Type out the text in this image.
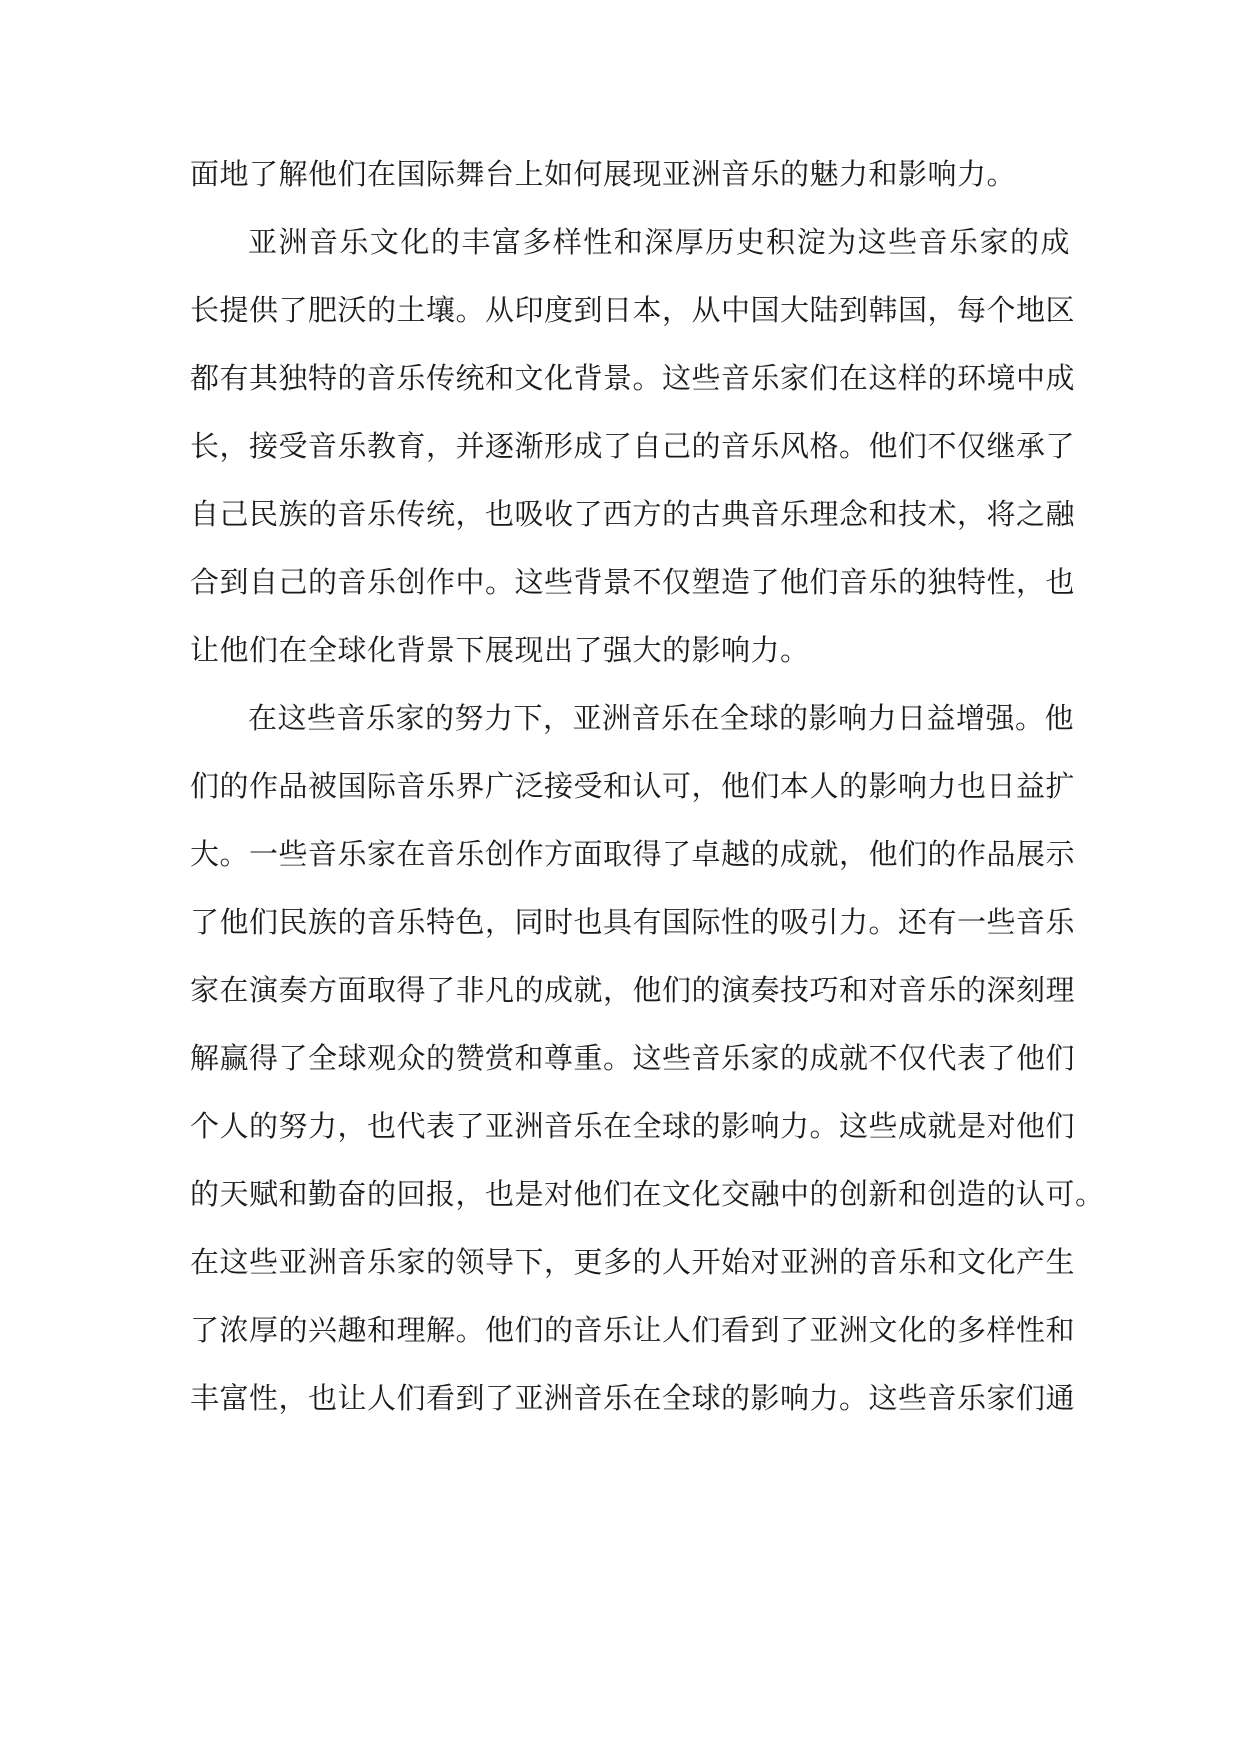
面地了解他们在国际舞台上如何展现亚洲音乐的魅力和影响力。
亚洲音乐文化的丰富多样性和深厚历史积淀为这些音乐家的成
长提供了肥沃的土壤。从印度到日本，从中国大陆到韩国，每个地区
都有其独特的音乐传统和文化背景。这些音乐家们在这样的环境中成
长，接受音乐教育，并逐渐形成了自己的音乐风格。他们不仅继承了
自己民族的音乐传统，也吸收了西方的古典音乐理念和技术，将之融
合到自己的音乐创作中。这些背景不仅塑造了他们音乐的独特性，也
让他们在全球化背景下展现出了强大的影响力。
在这些音乐家的努力下，亚洲音乐在全球的影响力日益增强。他
们的作品被国际音乐界广泛接受和认可，他们本人的影响力也日益扩
大。一些音乐家在音乐创作方面取得了卓越的成就，他们的作品展示
了他们民族的音乐特色，同时也具有国际性的吸引力。还有一些音乐
家在演奏方面取得了非凡的成就，他们的演奏技巧和对音乐的深刻理
解赢得了全球观众的赞赏和尊重。这些音乐家的成就不仅代表了他们
个人的努力，也代表了亚洲音乐在全球的影响力。这些成就是对他们
的天赋和勤奋的回报，也是对他们在文化交融中的创新和创造的认可。
在这些亚洲音乐家的领导下，更多的人开始对亚洲的音乐和文化产生
了浓厚的兴趣和理解。他们的音乐让人们看到了亚洲文化的多样性和
丰富性，也让人们看到了亚洲音乐在全球的影响力。这些音乐家们通
